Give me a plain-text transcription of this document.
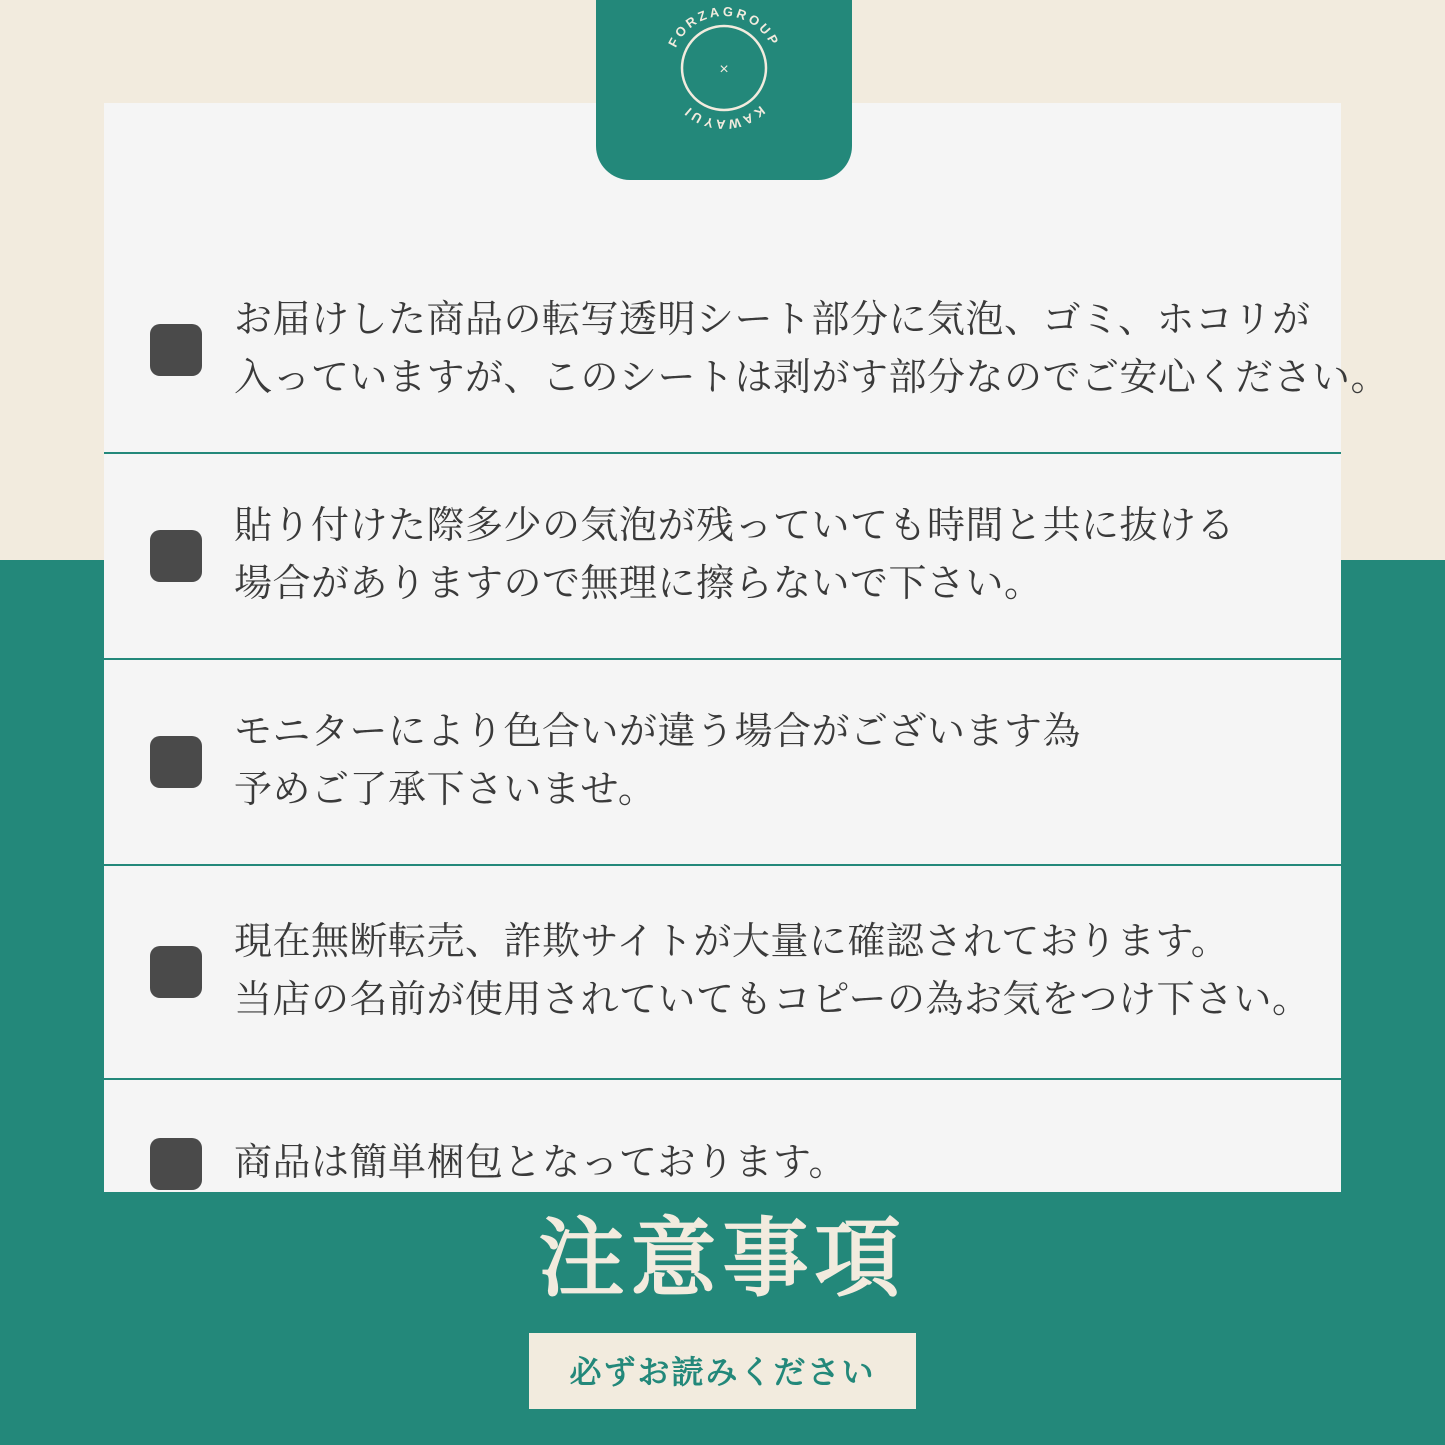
お届けした商品の転写透明シート部分に気泡、ゴミ、ホコリが
入っていますが、このシートは剥がす部分なのでご安心ください。
貼り付けた際多少の気泡が残っていても時間と共に抜ける
場合がありますので無理に擦らないで下さい。
モニターにより色合いが違う場合がございます為
予めご了承下さいませ。
現在無断転売、詐欺サイトが大量に確認されております。
当店の名前が使用されていてもコピーの為お気をつけ下さい。
商品は簡単梱包となっております。
FORZAGROUP
KAWAYUI
×
注意事項
必ずお読みください
